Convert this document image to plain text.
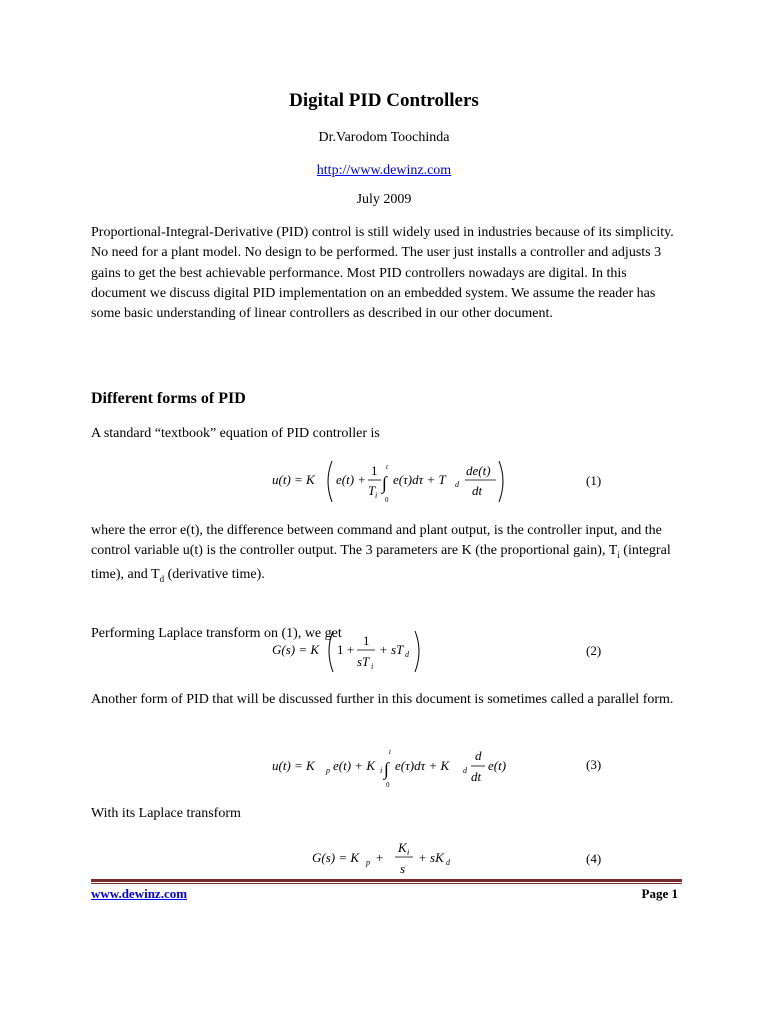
Digital PID Controllers
Dr.Varodom Toochinda
http://www.dewinz.com
July 2009
Proportional-Integral-Derivative (PID) control is still widely used in industries because of its simplicity. No need for a plant model. No design to be performed. The user just installs a controller and adjusts 3 gains to get the best achievable performance. Most PID controllers nowadays are digital. In this document we discuss digital PID implementation on an embedded system. We assume the reader has some basic understanding of linear controllers as described in our other document.
Different forms of PID
A standard “textbook” equation of PID controller is
u(t) = K e(t) +
1
T i
t
∫
0
e(τ)dτ + T d
de(t)
dt
(1)
where the error e(t), the difference between command and plant output, is the controller input, and the control variable u(t) is the controller output. The 3 parameters are K (the proportional gain), $T_i$ (integral time), and $T_d$ (derivative time).
Performing Laplace transform on (1), we get
G(s) = K 1 +
1
sT i
+ sT d	(2)
Another form of PID that will be discussed further in this document is sometimes called a parallel form.
u(t) = K p e(t) + K i
t
∫
0
e(τ)dτ + K d
d
dt
e(t)	(3)
With its Laplace transform
G(s) = K p +
K i
s
+ sK d	(4)
www.dewinz.com	Page 1
